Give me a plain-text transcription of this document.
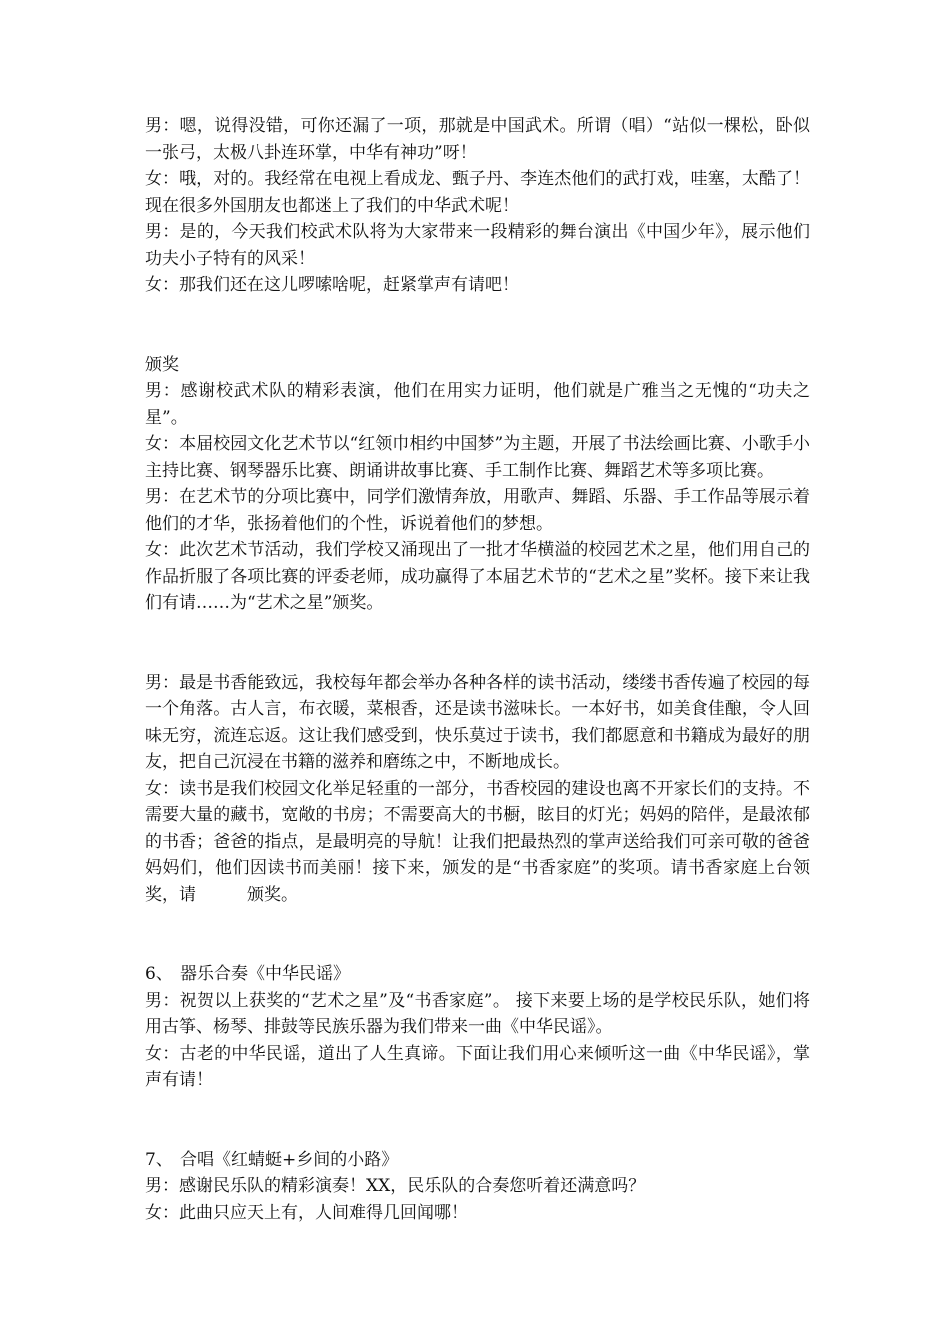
男：嗯，说得没错，可你还漏了一项，那就是中国武术。所谓（唱）“站似一棵松，卧似一张弓，太极八卦连环掌，中华有神功”呀！

女：哦，对的。我经常在电视上看成龙、甄子丹、李连杰他们的武打戏，哇塞，太酷了！现在很多外国朋友也都迷上了我们的中华武术呢！

男：是的，今天我们校武术队将为大家带来一段精彩的舞台演出《中国少年》，展示他们功夫小子特有的风采！

女：那我们还在这儿啰嗦啥呢，赶紧掌声有请吧！

颁奖

男：感谢校武术队的精彩表演，他们在用实力证明，他们就是广雅当之无愧的“功夫之星”。

女：本届校园文化艺术节以“红领巾相约中国梦”为主题，开展了书法绘画比赛、小歌手小主持比赛、钢琴器乐比赛、朗诵讲故事比赛、手工制作比赛、舞蹈艺术等多项比赛。

男：在艺术节的分项比赛中，同学们激情奔放，用歌声、舞蹈、乐器、手工作品等展示着他们的才华，张扬着他们的个性，诉说着他们的梦想。

女：此次艺术节活动，我们学校又涌现出了一批才华横溢的校园艺术之星，他们用自己的作品折服了各项比赛的评委老师，成功赢得了本届艺术节的“艺术之星”奖杯。接下来让我们有请……为“艺术之星”颁奖。

男：最是书香能致远，我校每年都会举办各种各样的读书活动，缕缕书香传遍了校园的每一个角落。古人言，布衣暖，菜根香，还是读书滋味长。一本好书，如美食佳酿，令人回味无穷，流连忘返。这让我们感受到，快乐莫过于读书，我们都愿意和书籍成为最好的朋友，把自己沉浸在书籍的滋养和磨练之中，不断地成长。

女：读书是我们校园文化举足轻重的一部分，书香校园的建设也离不开家长们的支持。不需要大量的藏书，宽敞的书房；不需要高大的书橱，眩目的灯光；妈妈的陪伴，是最浓郁的书香；爸爸的指点，是最明亮的导航！让我们把最热烈的掌声送给我们可亲可敬的爸爸妈妈们，他们因读书而美丽！接下来，颁发的是“书香家庭”的奖项。请书香家庭上台领奖，请　　　颁奖。

6、 器乐合奏《中华民谣》

男：祝贺以上获奖的“艺术之星”及“书香家庭”。 接下来要上场的是学校民乐队，她们将用古筝、杨琴、排鼓等民族乐器为我们带来一曲《中华民谣》。

女：古老的中华民谣，道出了人生真谛。下面让我们用心来倾听这一曲《中华民谣》，掌声有请！

7、 合唱《红蜻蜓+乡间的小路》

男：感谢民乐队的精彩演奏！XX，民乐队的合奏您听着还满意吗？

女：此曲只应天上有，人间难得几回闻哪！
